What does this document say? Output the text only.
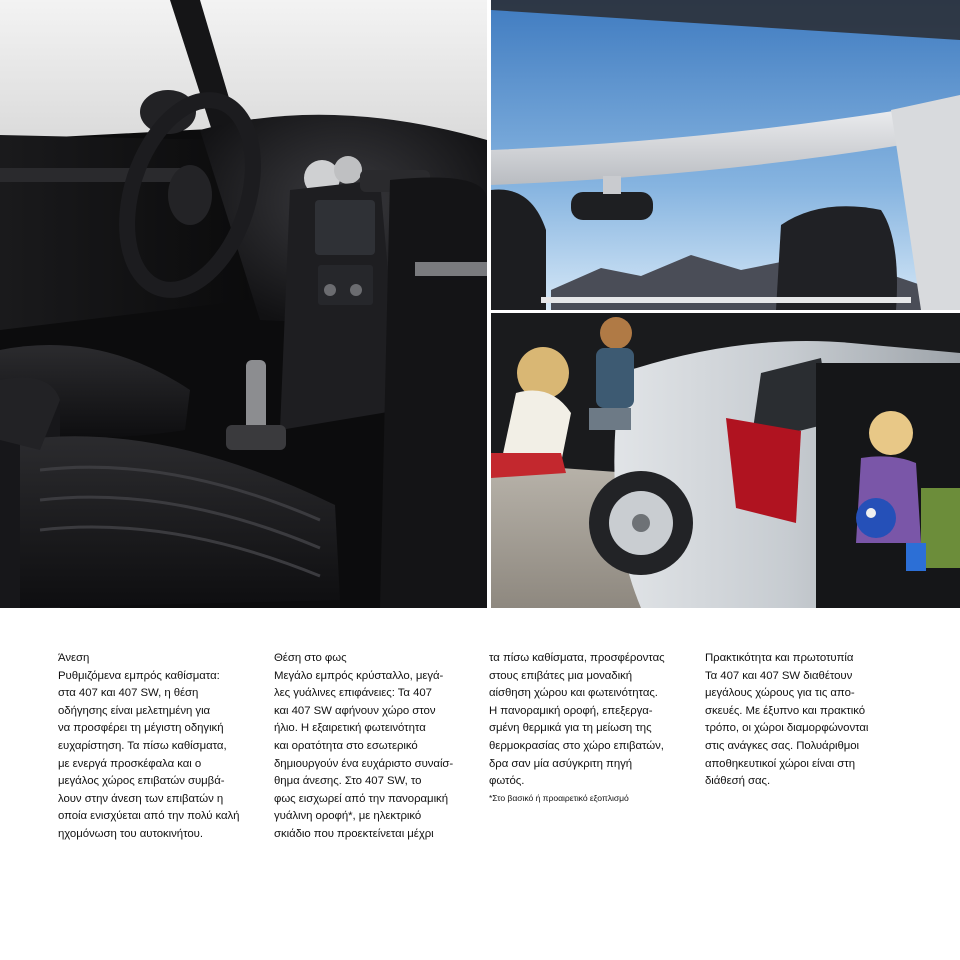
Άνεση
Ρυθμιζόμενα εμπρός καθίσματα:
στα 407 και 407 SW, η θέση
οδήγησης είναι μελετημένη για
να προσφέρει τη μέγιστη οδηγική
ευχαρίστηση. Τα πίσω καθίσματα,
με ενεργά προσκέφαλα και ο
μεγάλος χώρος επιβατών συμβά-
λουν στην άνεση των επιβατών η
οποία ενισχύεται από την πολύ καλή
ηχομόνωση του αυτοκινήτου.
Θέση στο φως
Μεγάλο εμπρός κρύσταλλο, μεγά-
λες γυάλινες επιφάνειες: Τα 407
και 407 SW αφήνουν χώρο στον
ήλιο. Η εξαιρετική φωτεινότητα
και ορατότητα στο εσωτερικό
δημιουργούν ένα ευχάριστο συναίσ-
θημα άνεσης. Στο 407 SW, το
φως εισχωρεί από την πανοραμική
γυάλινη οροφή*, με ηλεκτρικό
σκιάδιο που προεκτείνεται μέχρι
τα πίσω καθίσματα, προσφέροντας
στους επιβάτες μια μοναδική
αίσθηση χώρου και φωτεινότητας.
Η πανοραμική οροφή, επεξεργα-
σμένη θερμικά για τη μείωση της
θερμοκρασίας στο χώρο επιβατών,
δρα σαν μία ασύγκριτη πηγή
φωτός.
*Στο βασικό ή προαιρετικό εξοπλισμό
Πρακτικότητα και πρωτοτυπία
Τα 407 και 407 SW διαθέτουν
μεγάλους χώρους για τις απο-
σκευές. Με έξυπνο και πρακτικό
τρόπο, οι χώροι διαμορφώνονται
στις ανάγκες σας. Πολυάριθμοι
αποθηκευτικοί χώροι είναι στη
διάθεσή σας.
